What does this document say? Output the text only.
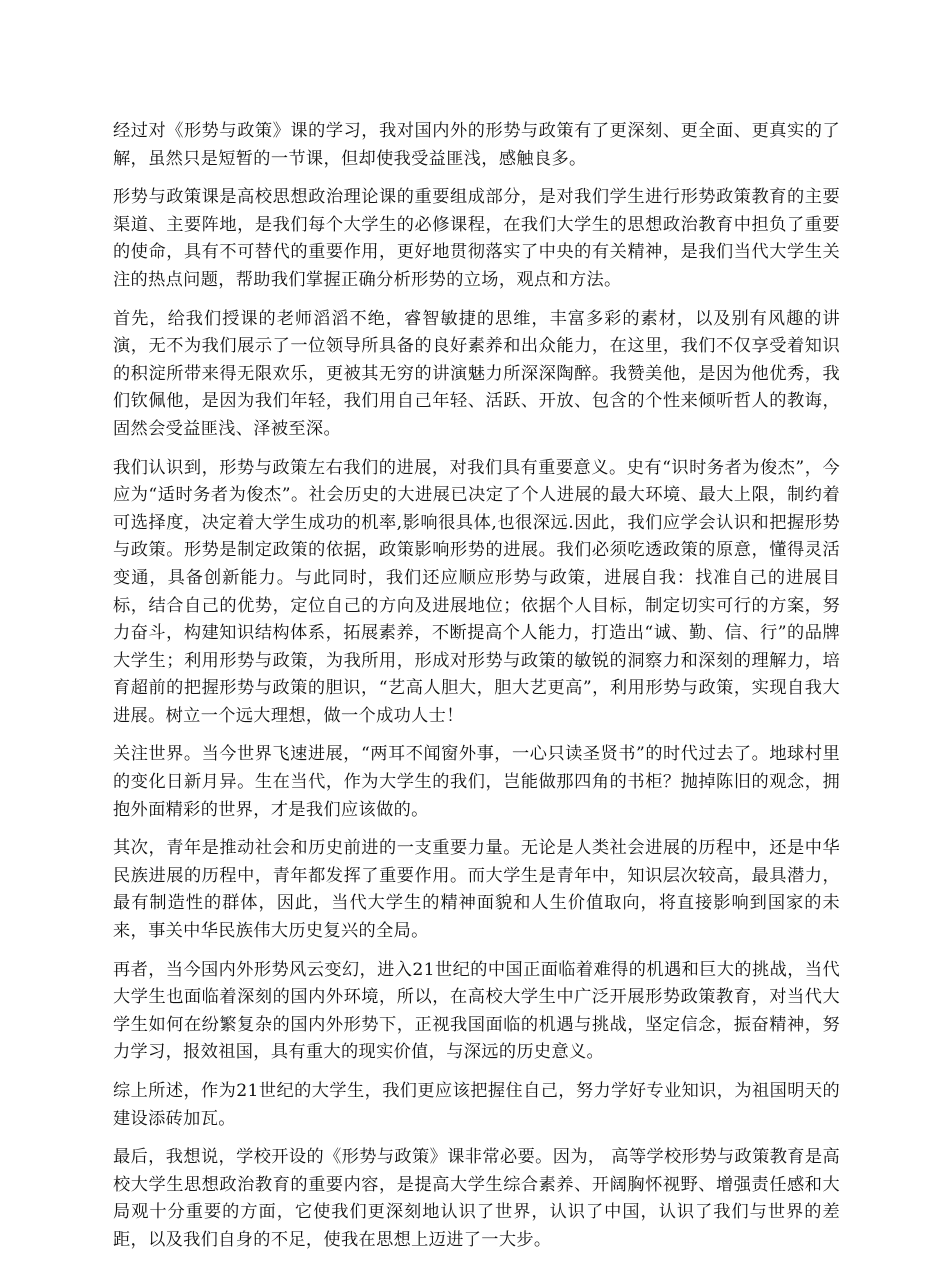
经过对《形势与政策》课的学习，我对国内外的形势与政策有了更深刻、更全面、更真实的了解，虽然只是短暂的一节课，但却使我受益匪浅，感触良多。

形势与政策课是高校思想政治理论课的重要组成部分，是对我们学生进行形势政策教育的主要渠道、主要阵地，是我们每个大学生的必修课程，在我们大学生的思想政治教育中担负了重要的使命，具有不可替代的重要作用，更好地贯彻落实了中央的有关精神，是我们当代大学生关注的热点问题，帮助我们掌握正确分析形势的立场，观点和方法。

首先，给我们授课的老师滔滔不绝，睿智敏捷的思维，丰富多彩的素材，以及别有风趣的讲演，无不为我们展示了一位领导所具备的良好素养和出众能力，在这里，我们不仅享受着知识的积淀所带来得无限欢乐，更被其无穷的讲演魅力所深深陶醉。我赞美他，是因为他优秀，我们钦佩他，是因为我们年轻，我们用自己年轻、活跃、开放、包含的个性来倾听哲人的教诲，固然会受益匪浅、泽被至深。

我们认识到，形势与政策左右我们的进展，对我们具有重要意义。史有“识时务者为俊杰”，今应为“适时务者为俊杰”。社会历史的大进展已决定了个人进展的最大环境、最大上限，制约着可选择度，决定着大学生成功的机率,影响很具体,也很深远.因此，我们应学会认识和把握形势与政策。形势是制定政策的依据，政策影响形势的进展。我们必须吃透政策的原意，懂得灵活变通，具备创新能力。与此同时，我们还应顺应形势与政策，进展自我：找准自己的进展目标，结合自己的优势，定位自己的方向及进展地位；依据个人目标，制定切实可行的方案，努力奋斗，构建知识结构体系，拓展素养，不断提高个人能力，打造出“诚、勤、信、行”的品牌大学生；利用形势与政策，为我所用，形成对形势与政策的敏锐的洞察力和深刻的理解力，培育超前的把握形势与政策的胆识，“艺高人胆大，胆大艺更高”，利用形势与政策，实现自我大进展。树立一个远大理想，做一个成功人士！

关注世界。当今世界飞速进展，“两耳不闻窗外事，一心只读圣贤书”的时代过去了。地球村里的变化日新月异。生在当代，作为大学生的我们，岂能做那四角的书柜？抛掉陈旧的观念，拥抱外面精彩的世界，才是我们应该做的。

其次，青年是推动社会和历史前进的一支重要力量。无论是人类社会进展的历程中，还是中华民族进展的历程中，青年都发挥了重要作用。而大学生是青年中，知识层次较高，最具潜力，最有制造性的群体，因此，当代大学生的精神面貌和人生价值取向，将直接影响到国家的未来，事关中华民族伟大历史复兴的全局。

再者，当今国内外形势风云变幻，进入21世纪的中国正面临着难得的机遇和巨大的挑战，当代大学生也面临着深刻的国内外环境，所以，在高校大学生中广泛开展形势政策教育，对当代大学生如何在纷繁复杂的国内外形势下，正视我国面临的机遇与挑战，坚定信念，振奋精神，努力学习，报效祖国，具有重大的现实价值，与深远的历史意义。

综上所述，作为21世纪的大学生，我们更应该把握住自己，努力学好专业知识，为祖国明天的建设添砖加瓦。

最后，我想说，学校开设的《形势与政策》课非常必要。因为， 高等学校形势与政策教育是高校大学生思想政治教育的重要内容，是提高大学生综合素养、开阔胸怀视野、增强责任感和大局观十分重要的方面，它使我们更深刻地认识了世界，认识了中国，认识了我们与世界的差距，以及我们自身的不足，使我在思想上迈进了一大步。
